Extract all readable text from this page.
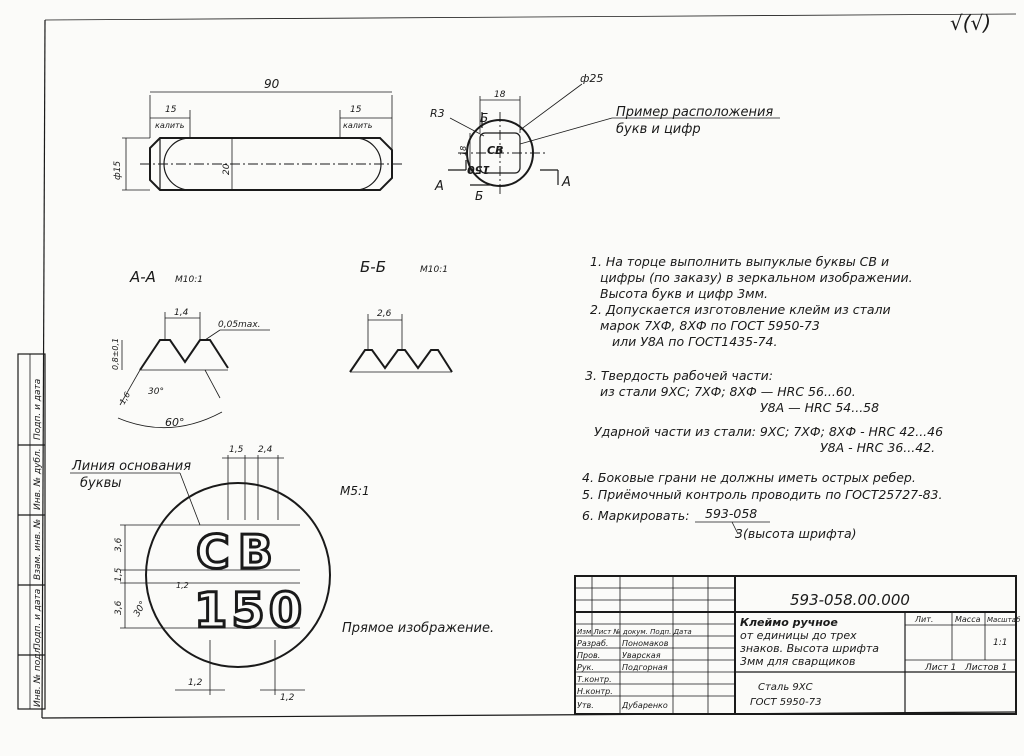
√(√)
Подп. и дата
Инв. № дубл.
Взам. инв. №
Подп. и дата
Инв. № подл.
90
15
калить
15
калить
ф15	20
СВ
150
18
18
R3
ф25
А	А
Б
Б
Пример расположения
букв и цифр
А-А М10:1
1,4
0,05max.
0,8±0,1
1,6 30°
60°
Б-Б	М10:1
2,6
М5:1
СВ
150
1,5 2,4
3,6
1,5
3,6 30°
1,2
Линия основания
буквы
1,2
1,2
Прямое изображение.
1. На торце выполнить выпуклые буквы СВ и
цифры (по заказу) в зеркальном изображении.
Высота букв и цифр 3мм.
2. Допускается изготовление клейм из стали
марок 7ХФ, 8ХФ по ГОСТ 5950-73
или У8А по ГОСТ1435-74.
3. Твердость рабочей части:
из стали 9ХС; 7ХФ; 8ХФ — HRC 56...60.
У8А — HRC 54...58
Ударной части из стали: 9ХС; 7ХФ; 8ХФ - HRC 42...46
У8А - HRC 36...42.
4. Боковые грани не должны иметь острых ребер.
5. Приёмочный контроль проводить по ГОСТ25727-83.
6. Маркировать: 593-058
3(высота шрифта)
593-058.00.000
Изм Лист № докум. Подп. Дата
Разраб. Пономаков
Пров.	Уварская
Рук.	Подгорная
Т.контр.
Н.контр.
Утв.	Дубаренко
Клеймо ручное
от единицы до трех
знаков. Высота шрифта
3мм для сварщиков
Сталь 9ХС
ГОСТ 5950-73
Лит.	Масса Масштаб
1:1
Лист 1 Листов 1
